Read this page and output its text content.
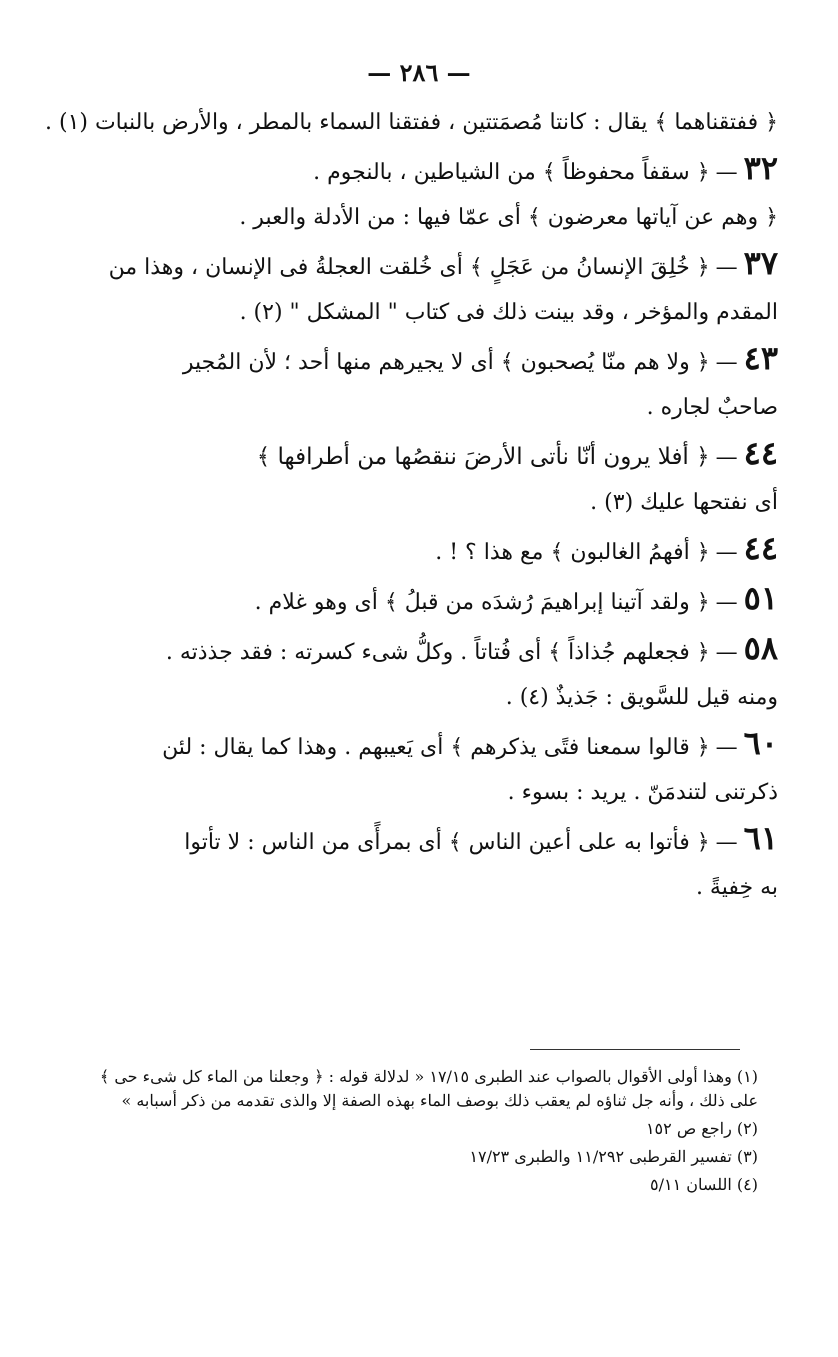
— ٢٨٦ —
﴿ ففتقناهما ﴾ يقال : كانتا مُصمَتتين ، ففتقنا السماء بالمطر ، والأرض بالنبات (١) .
٣٢—﴿ سقفاً محفوظاً ﴾ من الشياطين ، بالنجوم .
﴿ وهم عن آياتها معرضون ﴾ أى عمّا فيها : من الأدلة والعبر .
٣٧—﴿ خُلِقَ الإنسانُ من عَجَلٍ ﴾ أى خُلقت العجلةُ فى الإنسان ، وهذا من
المقدم والمؤخر ، وقد بينت ذلك فى كتاب " المشكل " (٢) .
٤٣—﴿ ولا هم منّا يُصحبون ﴾ أى لا يجيرهم منها أحد ؛ لأن المُجير
صاحبٌ لجاره .
٤٤—﴿ أفلا يرون أنّا نأتى الأرضَ ننقصُها من أطرافها ﴾
أى نفتحها عليك (٣) .
٤٤—﴿ أفهمُ الغالبون ﴾ مع هذا ؟ ! .
٥١—﴿ ولقد آتينا إبراهيمَ رُشدَه من قبلُ ﴾ أى وهو غلام .
٥٨—﴿ فجعلهم جُذاذاً ﴾ أى فُتاتاً . وكلُّ شىء كسرته : فقد جذذته .
ومنه قيل للسَّويق : جَذيذٌ (٤) .
٦٠—﴿ قالوا سمعنا فتًى يذكرهم ﴾ أى يَعيبهم . وهذا كما يقال : لئن
ذكرتنى لتندمَنّ . يريد : بسوء .
٦١—﴿ فأتوا به على أعين الناس ﴾ أى بمرأًى من الناس : لا تأتوا
به خِفيةً .
(١) وهذا أولى الأقوال بالصواب عند الطبرى ١٧/١٥ « لدلالة قوله : ﴿ وجعلنا من الماء كل شىء حى ﴾ على ذلك ، وأنه جل ثناؤه لم يعقب ذلك بوصف الماء بهذه الصفة إلا والذى تقدمه من ذكر أسبابه »
(٢) راجع ص ١٥٢
(٣) تفسير القرطبى ١١/٢٩٢ والطبرى ١٧/٢٣
(٤) اللسان ٥/١١
